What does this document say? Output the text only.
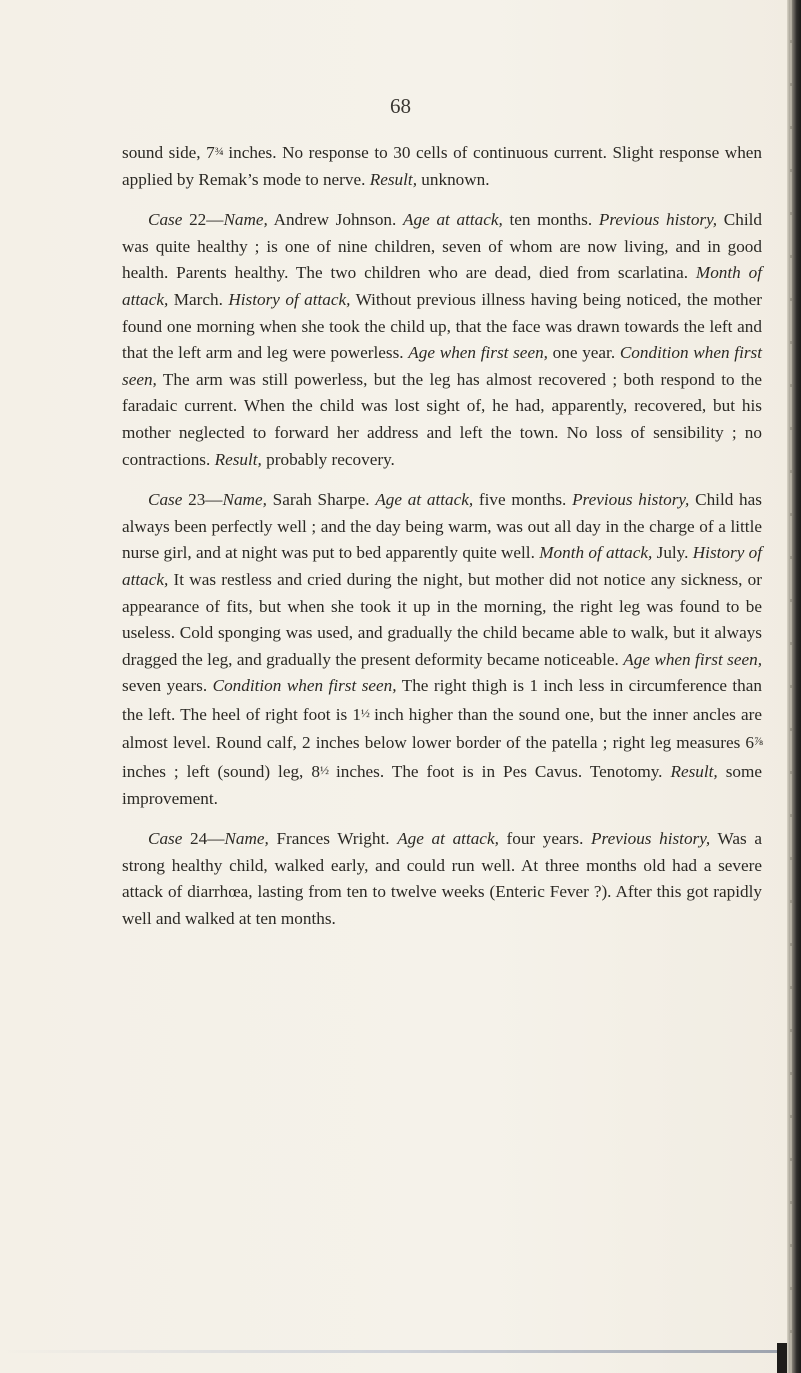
68

sound side, 7¾ inches. No response to 30 cells of continuous current. Slight response when applied by Remak’s mode to nerve. Result, unknown.

Case 22—Name, Andrew Johnson. Age at attack, ten months. Previous history, Child was quite healthy ; is one of nine children, seven of whom are now living, and in good health. Parents healthy. The two children who are dead, died from scarlatina. Month of attack, March. History of attack, Without previous illness having being noticed, the mother found one morning when she took the child up, that the face was drawn towards the left and that the left arm and leg were powerless. Age when first seen, one year. Condition when first seen, The arm was still powerless, but the leg has almost recovered ; both respond to the faradaic current. When the child was lost sight of, he had, apparently, recovered, but his mother neglected to forward her address and left the town. No loss of sensibility ; no contractions. Result, probably recovery.

Case 23—Name, Sarah Sharpe. Age at attack, five months. Previous history, Child has always been perfectly well ; and the day being warm, was out all day in the charge of a little nurse girl, and at night was put to bed apparently quite well. Month of attack, July. History of attack, It was restless and cried during the night, but mother did not notice any sickness, or appearance of fits, but when she took it up in the morning, the right leg was found to be useless. Cold sponging was used, and gradually the child became able to walk, but it always dragged the leg, and gradually the present deformity became noticeable. Age when first seen, seven years. Condition when first seen, The right thigh is 1 inch less in circumference than the left. The heel of right foot is 1½ inch higher than the sound one, but the inner ancles are almost level. Round calf, 2 inches below lower border of the patella ; right leg measures 6⅞ inches ; left (sound) leg, 8½ inches. The foot is in Pes Cavus. Tenotomy. Result, some improvement.

Case 24—Name, Frances Wright. Age at attack, four years. Previous history, Was a strong healthy child, walked early, and could run well. At three months old had a severe attack of diarrhœa, lasting from ten to twelve weeks (Enteric Fever ?). After this got rapidly well and walked at ten months.
